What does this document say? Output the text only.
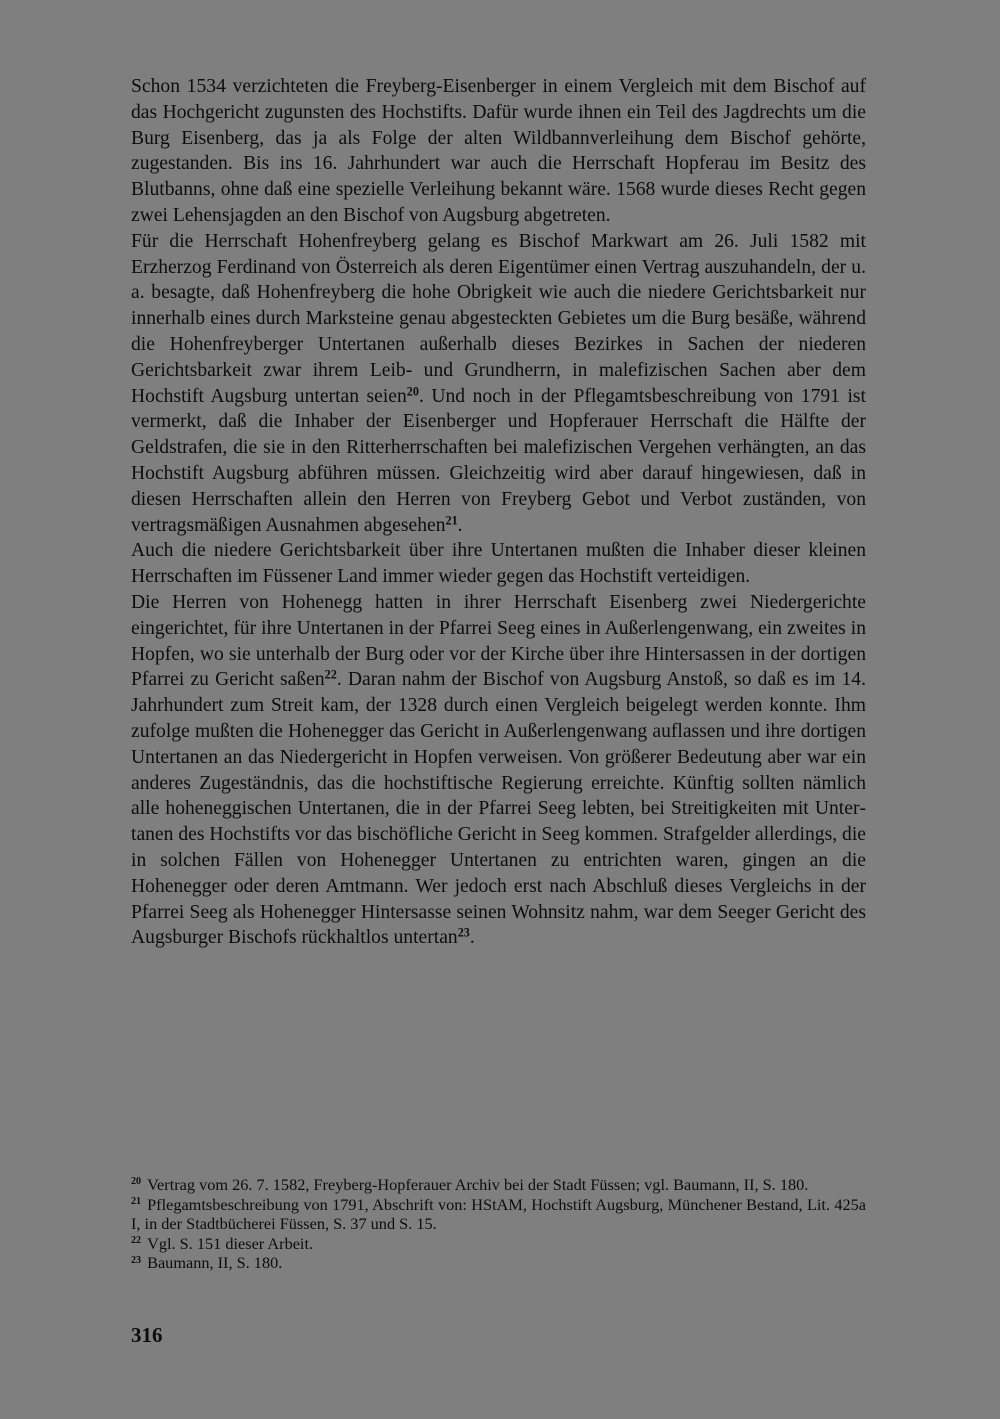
Schon 1534 verzichteten die Freyberg-Eisenberger in einem Vergleich mit dem Bischof auf das Hochgericht zugunsten des Hochstifts. Dafür wurde ihnen ein Teil des Jagdrechts um die Burg Eisenberg, das ja als Folge der alten Wildbannverleihung dem Bischof gehörte, zugestanden. Bis ins 16. Jahrhundert war auch die Herrschaft Hopferau im Besitz des Blutbanns, ohne daß eine spezielle Verleihung bekannt wäre. 1568 wurde dieses Recht gegen zwei Lehensjagden an den Bischof von Augsburg abgetreten.

Für die Herrschaft Hohenfreyberg gelang es Bischof Markwart am 26. Juli 1582 mit Erzherzog Ferdinand von Österreich als deren Eigentümer einen Vertrag auszuhandeln, der u. a. besagte, daß Hohenfreyberg die hohe Obrigkeit wie auch die niedere Gerichtsbarkeit nur innerhalb eines durch Marksteine genau abgesteckten Gebietes um die Burg besäße, während die Hohenfreyberger Untertanen außerhalb dieses Bezirkes in Sachen der niederen Gerichtsbarkeit zwar ihrem Leib- und Grundherrn, in malefizischen Sachen aber dem Hochstift Augsburg untertan seien$^{20}$. Und noch in der Pflegamtsbeschreibung von 1791 ist vermerkt, daß die Inhaber der Eisenberger und Hopferauer Herrschaft die Hälfte der Geldstrafen, die sie in den Ritterherrschaften bei malefizischen Vergehen verhängten, an das Hochstift Augsburg abführen müssen. Gleichzeitig wird aber darauf hingewiesen, daß in diesen Herrschaften allein den Herren von Freyberg Gebot und Verbot zuständen, von vertragsmäßigen Ausnahmen abgesehen$^{21}$.

Auch die niedere Gerichtsbarkeit über ihre Untertanen mußten die Inhaber dieser kleinen Herrschaften im Füssener Land immer wieder gegen das Hochstift verteidigen.

Die Herren von Hohenegg hatten in ihrer Herrschaft Eisenberg zwei Niedergerichte eingerichtet, für ihre Untertanen in der Pfarrei Seeg eines in Außerlengenwang, ein zweites in Hopfen, wo sie unterhalb der Burg oder vor der Kirche über ihre Hintersassen in der dortigen Pfarrei zu Gericht saßen$^{22}$. Daran nahm der Bischof von Augsburg Anstoß, so daß es im 14. Jahrhundert zum Streit kam, der 1328 durch einen Vergleich beigelegt werden konnte. Ihm zufolge mußten die Hohenegger das Gericht in Außerlengenwang auflassen und ihre dortigen Untertanen an das Niedergericht in Hopfen verweisen. Von größerer Bedeutung aber war ein anderes Zugeständnis, das die hochstiftische Regierung erreichte. Künftig sollten nämlich alle hoheneggischen Untertanen, die in der Pfarrei Seeg lebten, bei Streitigkeiten mit Untertanen des Hochstifts vor das bischöfliche Gericht in Seeg kommen. Strafgelder allerdings, die in solchen Fällen von Hohenegger Untertanen zu entrichten waren, gingen an die Hohenegger oder deren Amtmann. Wer jedoch erst nach Abschluß dieses Vergleichs in der Pfarrei Seeg als Hohenegger Hintersasse seinen Wohnsitz nahm, war dem Seeger Gericht des Augsburger Bischofs rückhaltlos untertan$^{23}$.

20 Vertrag vom 26. 7. 1582, Freyberg-Hopferauer Archiv bei der Stadt Füssen; vgl. Baumann, II, S. 180.

21 Pflegamtsbeschreibung von 1791, Abschrift von: HStAM, Hochstift Augsburg, Münchener Bestand, Lit. 425a I, in der Stadtbücherei Füssen, S. 37 und S. 15.

22 Vgl. S. 151 dieser Arbeit.

23 Baumann, II, S. 180.

316
